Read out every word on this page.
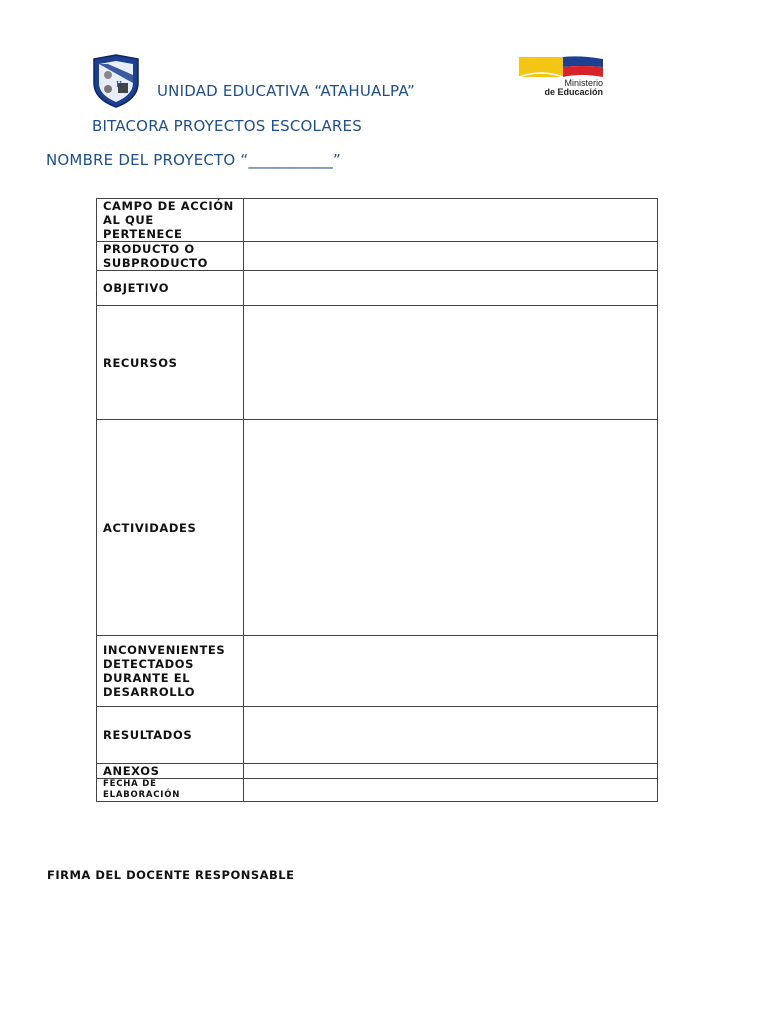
II UNIDAD EDUCATIVA “ATAHUALPA”	Ministerio
de Educación
BITACORA PROYECTOS ESCOLARES
NOMBRE DEL PROYECTO “___________”
CAMPO DE ACCIÓN AL QUE PERTENECE	
PRODUCTO O SUBPRODUCTO	
OBJETIVO	
RECURSOS	
ACTIVIDADES	
INCONVENIENTES DETECTADOS DURANTE EL DESARROLLO	
RESULTADOS	
ANEXOS	
FECHA DE ELABORACIÓN	
FIRMA DEL DOCENTE RESPONSABLE
